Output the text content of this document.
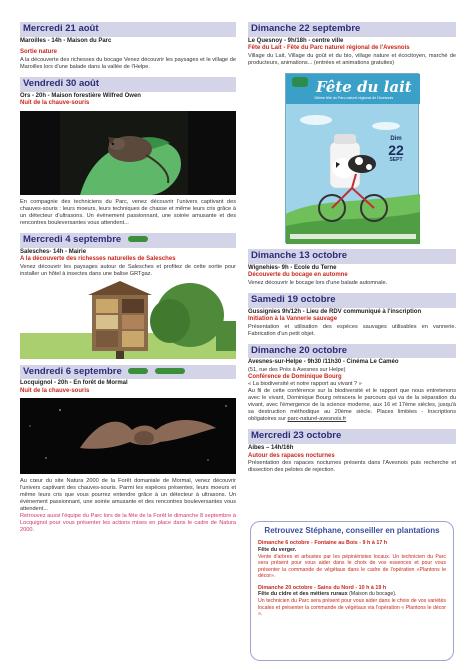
Mercredi 21 août
Maroilles - 14h - Maison du Parc
Sortie nature
A la découverte des richesses du bocage Venez découvrir les paysages et le village de Maroilles lors d'une balade dans la vallée de l'Helpe.
Vendredi 30 août
Ors - 20h - Maison forestière Wilfred Owen
Nuit de la chauve-souris
En compagnie des techniciens du Parc, venez découvrir l'univers captivant des chauves-souris : leurs moeurs, leurs techniques de chasse et même leurs cris grâce à un détecteur d'ultrasons. Un évènement passionnant, une soirée amusante et des rencontres bouleversantes vous attendent...
Mercredi 4 septembre
Salesches- 14h - Mairie
A la découverte des richesses naturelles de Salesches
Venez découvrir les paysages autour de Salesches et profitez de cette sortie pour installer un hôtel à insectes dans une balise GRTgaz.
Vendredi 6 septembre
Locquignol - 20h - En forêt de Mormal
Nuit de la chauve-souris
Au cœur du site Natura 2000 de la Forêt domaniale de Mormal, venez découvrir l'univers captivant des chauves-souris. Parmi les espèces présentes, leurs moeurs et même leurs cris que vous pourrez entendre grâce à un détecteur à ultrasons. Un évènement passionnant, une soirée amusante et des rencontres bouleversantes vous attendent...
Retrouvez aussi l'équipe du Parc lors de la fête de la Forêt le dimanche 8 septembre à Locquignol pour vous présenter les actions mises en place dans le cadre de Natura 2000.
Dimanche 22 septembre
Le Quesnoy - 9h/18h - centre ville
Fête du Lait - Fête du Parc naturel régional de l'Avesnois
Village du Lait, Village du goût et du bio, village nature et écocitoyen, marché de producteurs, animations... (entrées et animations gratuites)
Fête du lait
15ème fête du Parc naturel régional de l'Avesnois
Dim
22
SEPT
Dimanche 13 octobre
Wignehies- 9h - Ecole du Terne
Découverte du bocage en automne
Venez découvrir le bocage lors d'une balade automnale.
Samedi 19 octobre
Gussignies 9h/12h - Lieu de RDV communiqué à l'inscription
Initiation à la Vannerie sauvage
Présentation et utilisation des espèces sauvages utilisables en vannerie. Fabrication d'un petit objet.
Dimanche 20 octobre
Avesnes-sur-Helpe - 9h30 /11h30 - Cinéma Le Caméo
(51, rue des Prés à Avesnes sur Helpe)
Conférence de Dominique Bourg
« La biodiversité et notre rapport au vivant ? »
Au fil de cette conférence sur la biodiversité et le rapport que nous entretenons avec le vivant, Dominique Bourg retracera le parcours qui va de la séparation du vivant, avec l'émergence de la science moderne, aux 16 et 17ème siècles, jusqu'à sa destruction méthodique au 20ème siècle. Places limitées - Inscriptions obligatoires sur parc-naturel-avesnois.fr
Mercredi 23 octobre
Aibes – 14h/16h
Autour des rapaces nocturnes
Présentation des rapaces nocturnes présents dans l'Avesnois puis recherche et dissection des pelotes de rejection.
Retrouvez Stéphane, conseiller en plantations
Dimanche 6 octobre - Fontaine au Bois - 9 h à 17 h
Fête du verger.
Vente d'arbres et arbustes par les pépiniéristes locaux. Un technicien du Parc sera présent pour vous aider dans le choix de vos essences et pour vous présenter la commande de végétaux dans le cadre de l'opération «Plantons le décor».
Dimanche 20 octobre - Sains du Nord - 10 h à 19 h
Fête du cidre et des métiers ruraux (Maison du bocage).
Un technicien du Parc sera présent pour vous aider dans le choix de vos variétés locales et présenter la commande de végétaux via l'opération « Plantons le décor ».
